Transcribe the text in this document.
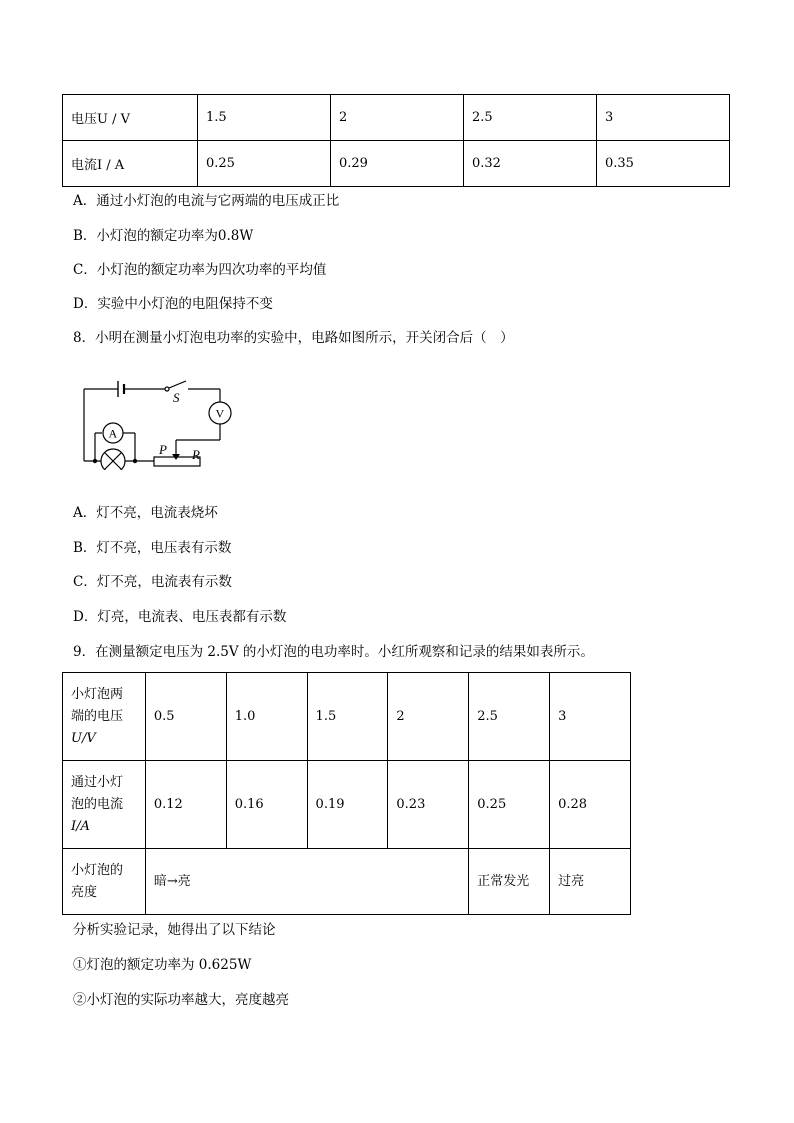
电压U / V	1.5	2	2.5	3
电流I / A	0.25	0.29	0.32	0.35
A．通过小灯泡的电流与它两端的电压成正比
B．小灯泡的额定功率为0.8W
C．小灯泡的额定功率为四次功率的平均值
D．实验中小灯泡的电阻保持不变
8．小明在测量小灯泡电功率的实验中，电路如图所示，开关闭合后（　）
S
V
A
P R
A．灯不亮，电流表烧坏
B．灯不亮，电压表有示数
C．灯不亮，电流表有示数
D．灯亮，电流表、电压表都有示数
9．在测量额定电压为 2.5V 的小灯泡的电功率时。小红所观察和记录的结果如表所示。
小灯泡两
端的电压
U/V	0.5	1.0	1.5	2	2.5	3

通过小灯
泡的电流
I/A	0.12	0.16	0.19	0.23	0.25	0.28

小灯泡的
亮度	暗→亮				正常发光	过亮
分析实验记录，她得出了以下结论
①灯泡的额定功率为 0.625W
②小灯泡的实际功率越大，亮度越亮
